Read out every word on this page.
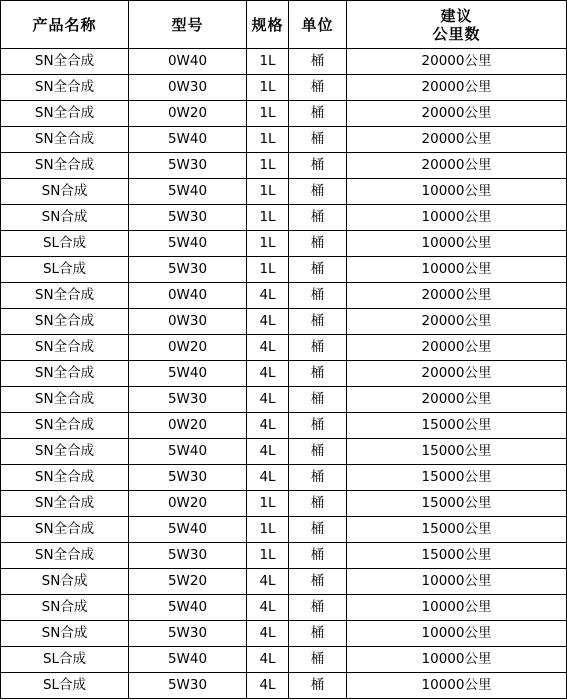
产品名称	型号	规格	单位	建议
公里数

SN全合成	0W40	1L	桶	20000公里
SN全合成	0W30	1L	桶	20000公里
SN全合成	0W20	1L	桶	20000公里
SN全合成	5W40	1L	桶	20000公里
SN全合成	5W30	1L	桶	20000公里
SN合成	5W40	1L	桶	10000公里
SN合成	5W30	1L	桶	10000公里
SL合成	5W40	1L	桶	10000公里
SL合成	5W30	1L	桶	10000公里
SN全合成	0W40	4L	桶	20000公里
SN全合成	0W30	4L	桶	20000公里
SN全合成	0W20	4L	桶	20000公里
SN全合成	5W40	4L	桶	20000公里
SN全合成	5W30	4L	桶	20000公里
SN全合成	0W20	4L	桶	15000公里
SN全合成	5W40	4L	桶	15000公里
SN全合成	5W30	4L	桶	15000公里
SN全合成	0W20	1L	桶	15000公里
SN全合成	5W40	1L	桶	15000公里
SN全合成	5W30	1L	桶	15000公里
SN合成	5W20	4L	桶	10000公里
SN合成	5W40	4L	桶	10000公里
SN合成	5W30	4L	桶	10000公里
SL合成	5W40	4L	桶	10000公里
SL合成	5W30	4L	桶	10000公里
